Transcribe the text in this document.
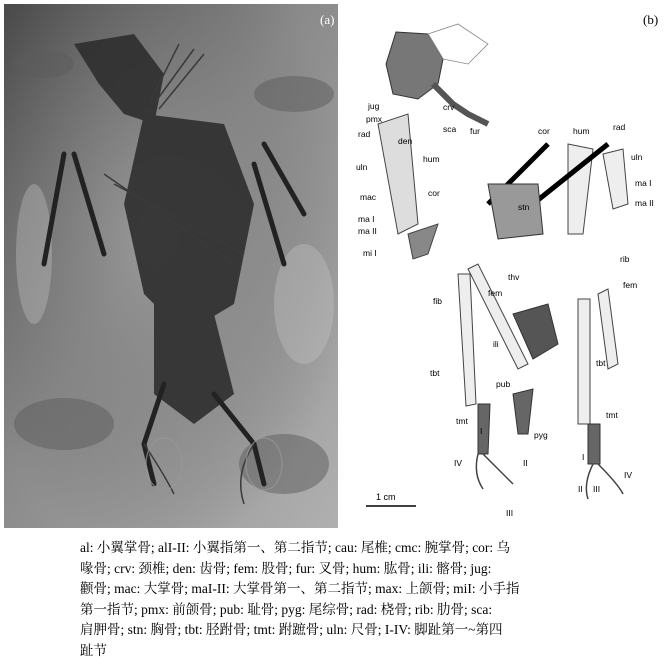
(a)
jug
pmx
rad
den
crv
sca fur	cor	hum	rad
uln
hum	uln
mac	cor
stn
ma I
ma I
ma II
ma II
mi I
rib
thv
fem
fem
fib
ili
pub
tbt
tbt
tmt
tmt
pyg
I
IV	II
III
I
II III
IV
1 cm
(b)
al: 小翼掌骨; alI-II: 小翼指第一、第二指节; cau: 尾椎; cmc: 腕掌骨; cor: 乌
喙骨; crv: 颈椎; den: 齿骨; fem: 股骨; fur: 叉骨; hum: 肱骨; ili: 髂骨; jug:
颧骨; mac: 大掌骨; maI-II: 大掌骨第一、第二指节; max: 上颌骨; miI: 小手指
第一指节; pmx: 前颌骨; pub: 耻骨; pyg: 尾综骨; rad: 桡骨; rib: 肋骨; sca:
肩胛骨; stn: 胸骨; tbt: 胫跗骨; tmt: 跗蹠骨; uln: 尺骨; I-IV: 脚趾第一~第四
趾节
